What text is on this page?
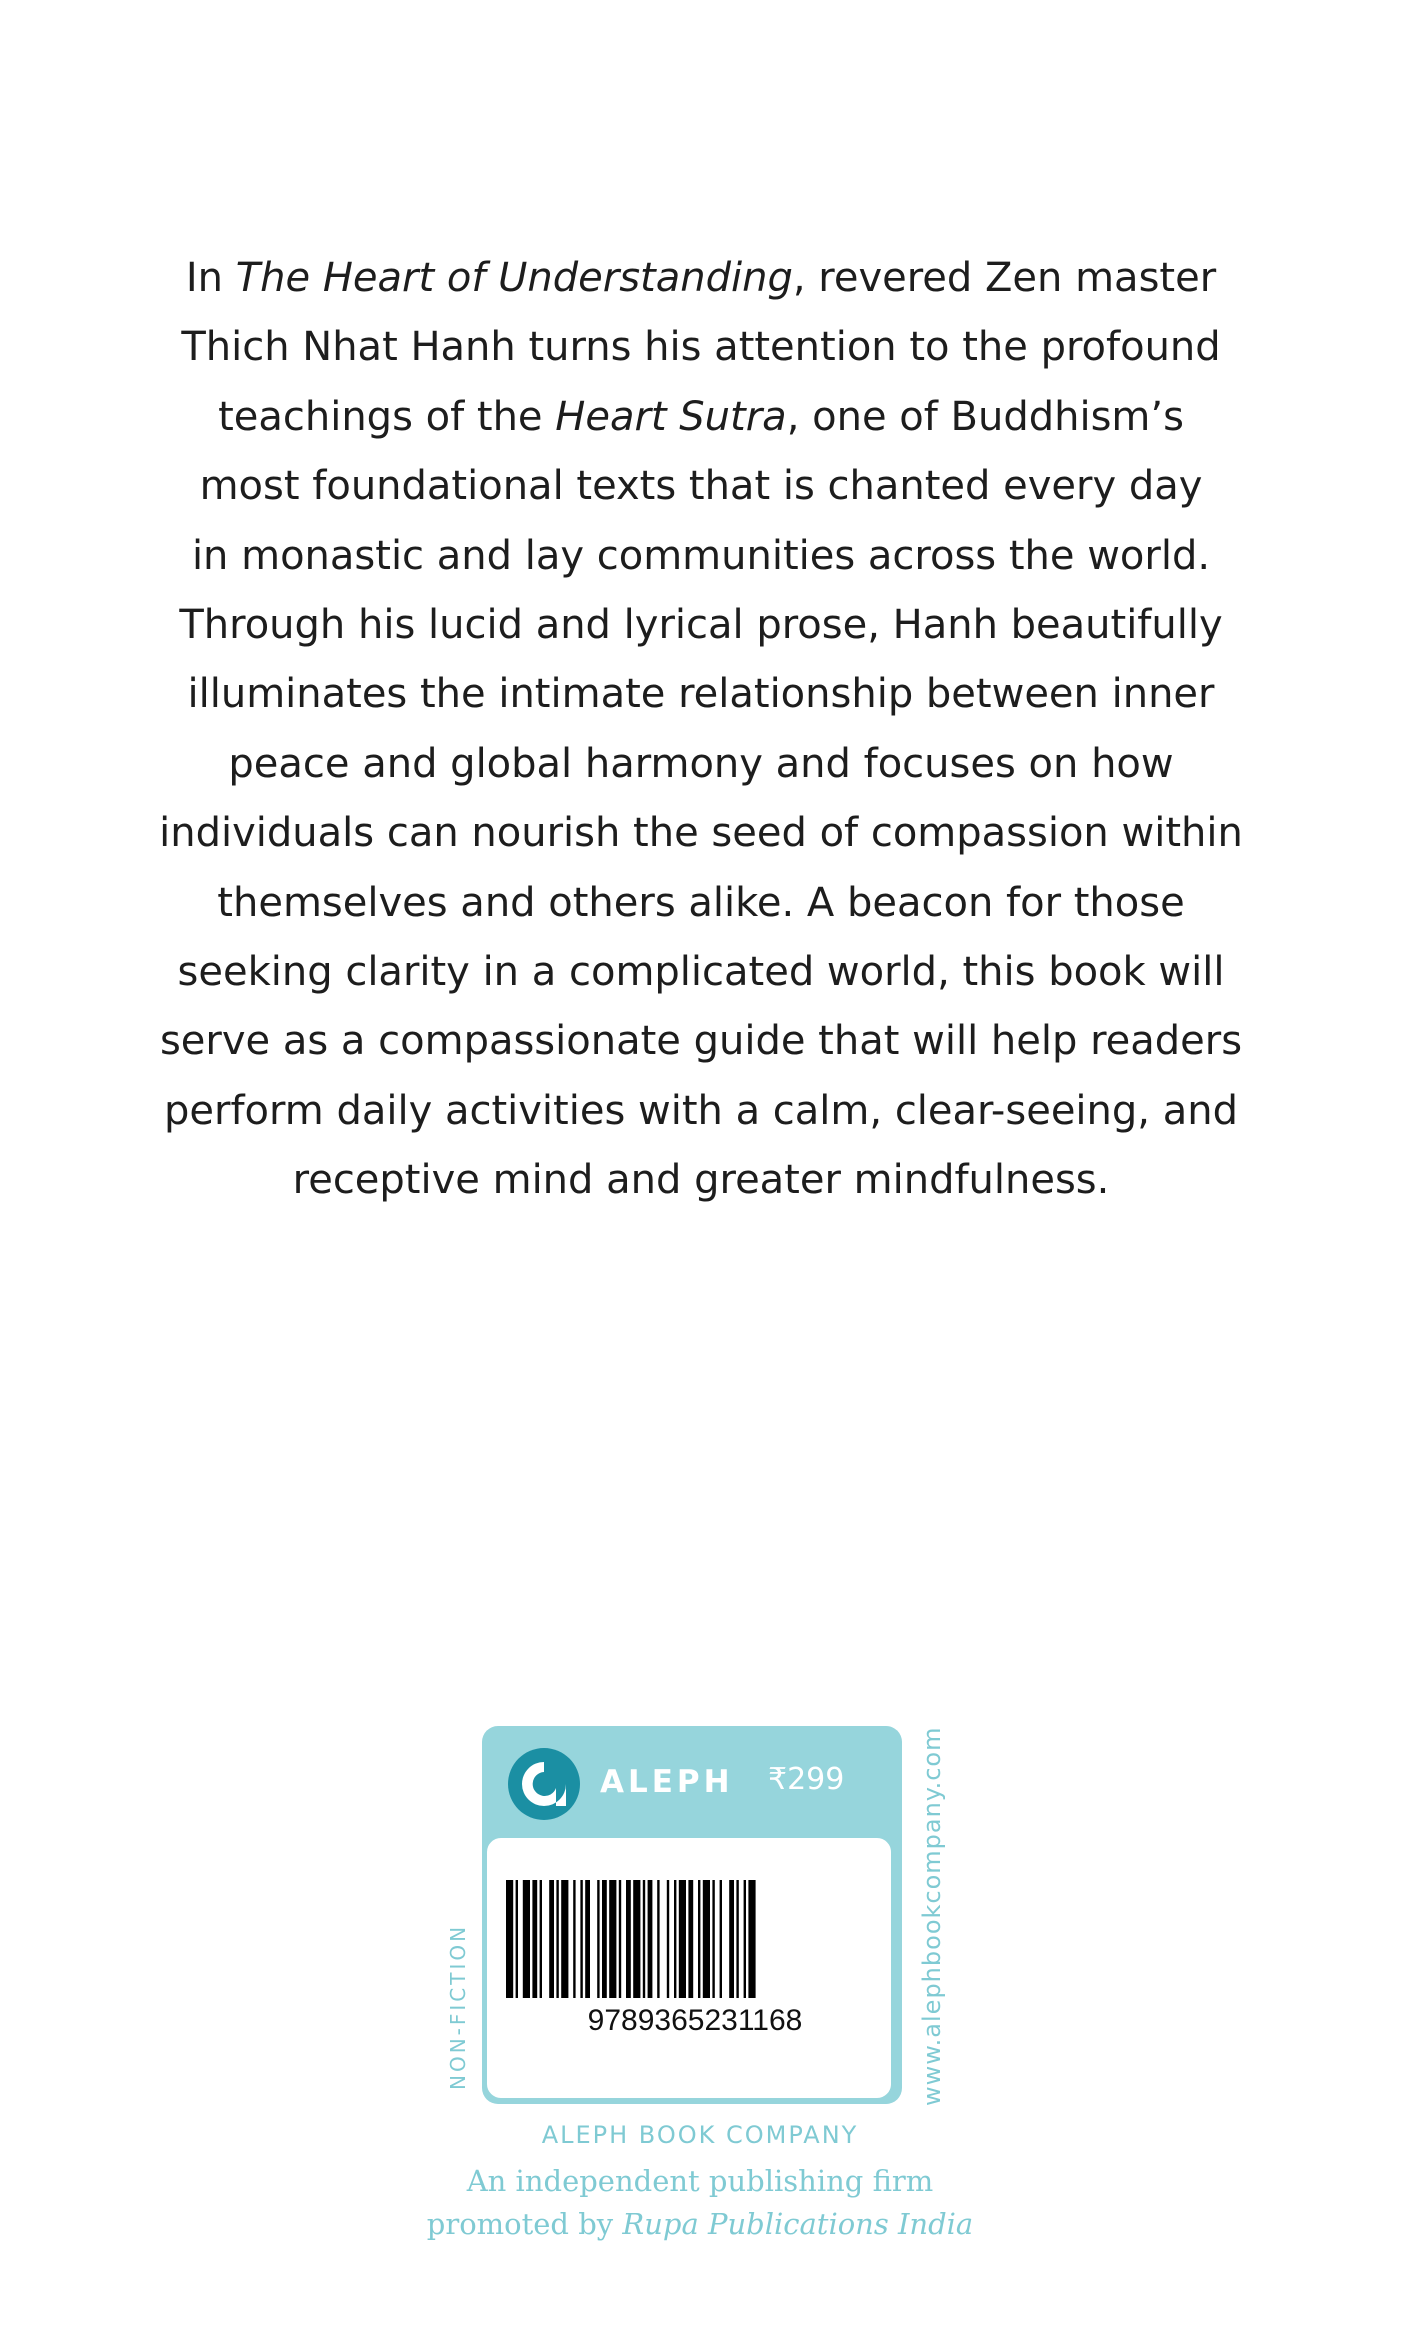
In The Heart of Understanding, revered Zen master
Thich Nhat Hanh turns his attention to the profound
teachings of the Heart Sutra, one of Buddhism’s
most foundational texts that is chanted every day
in monastic and lay communities across the world.
Through his lucid and lyrical prose, Hanh beautifully
illuminates the intimate relationship between inner
peace and global harmony and focuses on how
individuals can nourish the seed of compassion within
themselves and others alike. A beacon for those
seeking clarity in a complicated world, this book will
serve as a compassionate guide that will help readers
perform daily activities with a calm, clear-seeing, and
receptive mind and greater mindfulness.
ALEPH ₹299
9789365231168
NON-FICTION	www.alephbookcompany.com
ALEPH BOOK COMPANY
An independent publishing firm
promoted by Rupa Publications India
